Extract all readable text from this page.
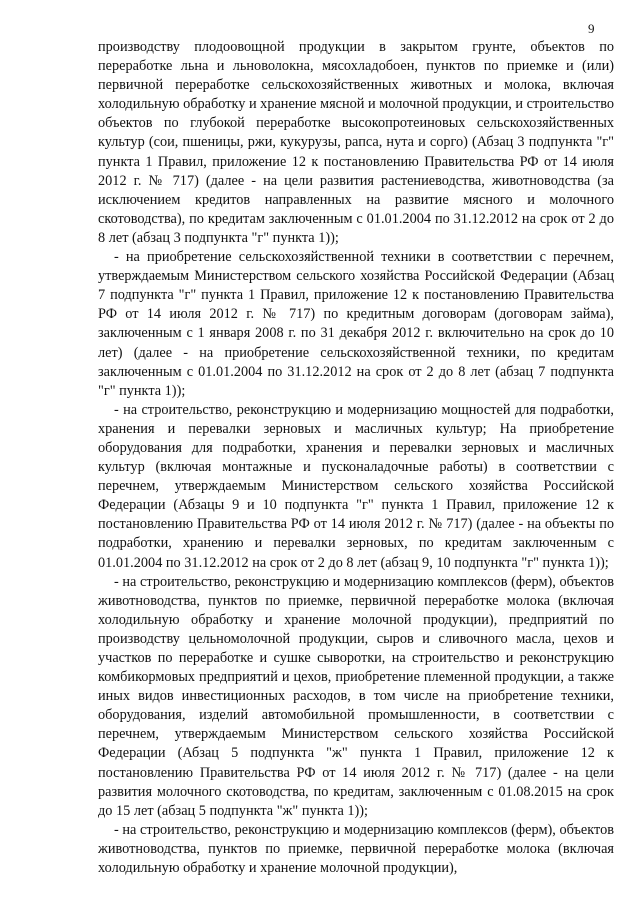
9

производству плодоовощной продукции в закрытом грунте, объектов по переработке льна и льноволокна, мясохладобоен, пунктов по приемке и (или) первичной переработке сельскохозяйственных животных и молока, включая холодильную обработку и хранение мясной и молочной продукции, и строительство объектов по глубокой переработке высокопротеиновых сельскохозяйственных культур (сои, пшеницы, ржи, кукурузы, рапса, нута и сорго) (Абзац 3 подпункта "г" пункта 1 Правил, приложение 12 к постановлению Правительства РФ от 14 июля 2012 г. № 717) (далее - на цели развития растениеводства, животноводства (за исключением кредитов направленных на развитие мясного и молочного скотоводства), по кредитам заключенным с 01.01.2004 по 31.12.2012 на срок от 2 до 8 лет (абзац 3 подпункта "г" пункта 1));

- на приобретение сельскохозяйственной техники в соответствии с перечнем, утверждаемым Министерством сельского хозяйства Российской Федерации (Абзац 7 подпункта "г" пункта 1 Правил, приложение 12 к постановлению Правительства РФ от 14 июля 2012 г. № 717) по кредитным договорам (договорам займа), заключенным с 1 января 2008 г. по 31 декабря 2012 г. включительно на срок до 10 лет) (далее - на приобретение сельскохозяйственной техники, по кредитам заключенным с 01.01.2004 по 31.12.2012 на срок от 2 до 8 лет (абзац 7 подпункта "г" пункта 1));

- на строительство, реконструкцию и модернизацию мощностей для подработки, хранения и перевалки зерновых и масличных культур; На приобретение оборудования для подработки, хранения и перевалки зерновых и масличных культур (включая монтажные и пусконаладочные работы) в соответствии с перечнем, утверждаемым Министерством сельского хозяйства Российской Федерации (Абзацы 9 и 10 подпункта "г" пункта 1 Правил, приложение 12 к постановлению Правительства РФ от 14 июля 2012 г. № 717) (далее - на объекты по подработки, хранению и перевалки зерновых, по кредитам заключенным с 01.01.2004 по 31.12.2012 на срок от 2 до 8 лет (абзац 9, 10 подпункта "г" пункта 1));

- на строительство, реконструкцию и модернизацию комплексов (ферм), объектов животноводства, пунктов по приемке, первичной переработке молока (включая холодильную обработку и хранение молочной продукции), предприятий по производству цельномолочной продукции, сыров и сливочного масла, цехов и участков по переработке и сушке сыворотки, на строительство и реконструкцию комбикормовых предприятий и цехов, приобретение племенной продукции, а также иных видов инвестиционных расходов, в том числе на приобретение техники, оборудования, изделий автомобильной промышленности, в соответствии с перечнем, утверждаемым Министерством сельского хозяйства Российской Федерации (Абзац 5 подпункта "ж" пункта 1 Правил, приложение 12 к постановлению Правительства РФ от 14 июля 2012 г. № 717) (далее - на цели развития молочного скотоводства, по кредитам, заключенным с 01.08.2015 на срок до 15 лет (абзац 5 подпункта "ж" пункта 1));

- на строительство, реконструкцию и модернизацию комплексов (ферм), объектов животноводства, пунктов по приемке, первичной переработке молока (включая холодильную обработку и хранение молочной продукции),
